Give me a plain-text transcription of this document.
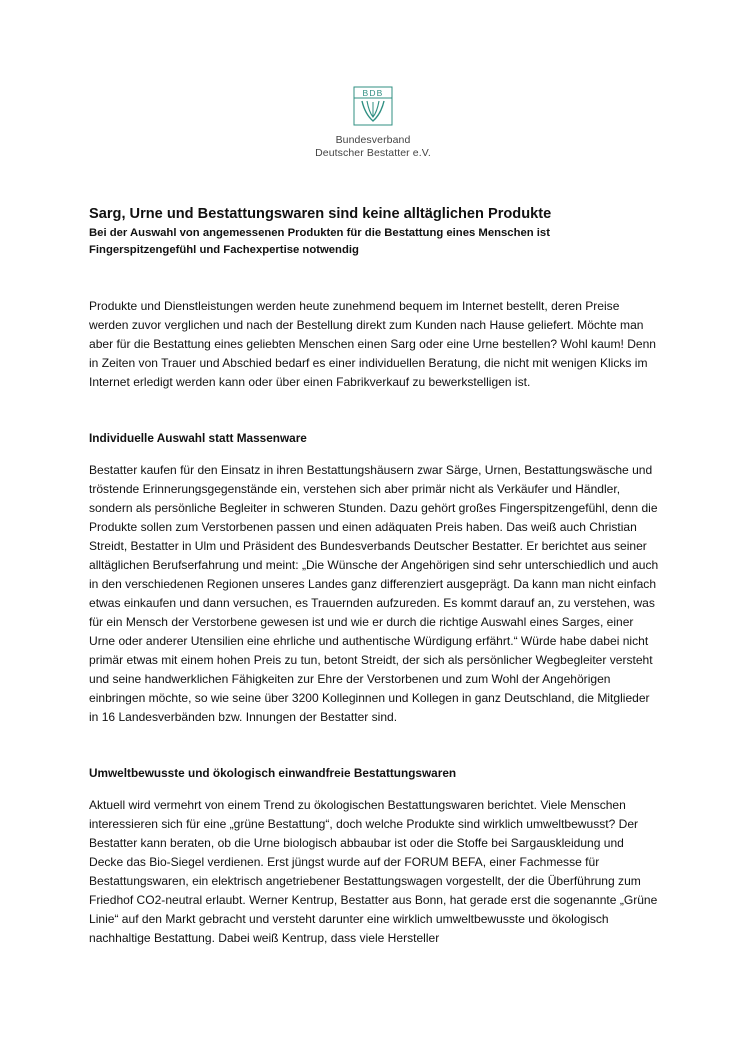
BDB
Bundesverband
Deutscher Bestatter e.V.
Sarg, Urne und Bestattungswaren sind keine alltäglichen Produkte
Bei der Auswahl von angemessenen Produkten für die Bestattung eines Menschen ist Fingerspitzengefühl und Fachexpertise notwendig

Produkte und Dienstleistungen werden heute zunehmend bequem im Internet bestellt, deren Preise werden zuvor verglichen und nach der Bestellung direkt zum Kunden nach Hause geliefert. Möchte man aber für die Bestattung eines geliebten Menschen einen Sarg oder eine Urne bestellen? Wohl kaum! Denn in Zeiten von Trauer und Abschied bedarf es einer individuellen Beratung, die nicht mit wenigen Klicks im Internet erledigt werden kann oder über einen Fabrikverkauf zu bewerkstelligen ist.

Individuelle Auswahl statt Massenware

Bestatter kaufen für den Einsatz in ihren Bestattungshäusern zwar Särge, Urnen, Bestattungswäsche und tröstende Erinnerungsgegenstände ein, verstehen sich aber primär nicht als Verkäufer und Händler, sondern als persönliche Begleiter in schweren Stunden. Dazu gehört großes Fingerspitzengefühl, denn die Produkte sollen zum Verstorbenen passen und einen adäquaten Preis haben. Das weiß auch Christian Streidt, Bestatter in Ulm und Präsident des Bundesverbands Deutscher Bestatter. Er berichtet aus seiner alltäglichen Berufserfahrung und meint: „Die Wünsche der Angehörigen sind sehr unterschiedlich und auch in den verschiedenen Regionen unseres Landes ganz differenziert ausgeprägt. Da kann man nicht einfach etwas einkaufen und dann versuchen, es Trauernden aufzureden. Es kommt darauf an, zu verstehen, was für ein Mensch der Verstorbene gewesen ist und wie er durch die richtige Auswahl eines Sarges, einer Urne oder anderer Utensilien eine ehrliche und authentische Würdigung erfährt.“ Würde habe dabei nicht primär etwas mit einem hohen Preis zu tun, betont Streidt, der sich als persönlicher Wegbegleiter versteht und seine handwerklichen Fähigkeiten zur Ehre der Verstorbenen und zum Wohl der Angehörigen einbringen möchte, so wie seine über 3200 Kolleginnen und Kollegen in ganz Deutschland, die Mitglieder in 16 Landesverbänden bzw. Innungen der Bestatter sind.

Umweltbewusste und ökologisch einwandfreie Bestattungswaren

Aktuell wird vermehrt von einem Trend zu ökologischen Bestattungswaren berichtet. Viele Menschen interessieren sich für eine „grüne Bestattung“, doch welche Produkte sind wirklich umweltbewusst? Der Bestatter kann beraten, ob die Urne biologisch abbaubar ist oder die Stoffe bei Sargauskleidung und Decke das Bio-Siegel verdienen. Erst jüngst wurde auf der FORUM BEFA, einer Fachmesse für Bestattungswaren, ein elektrisch angetriebener Bestattungswagen vorgestellt, der die Überführung zum Friedhof CO2-neutral erlaubt. Werner Kentrup, Bestatter aus Bonn, hat gerade erst die sogenannte „Grüne Linie“ auf den Markt gebracht und versteht darunter eine wirklich umweltbewusste und ökologisch nachhaltige Bestattung. Dabei weiß Kentrup, dass viele Hersteller
